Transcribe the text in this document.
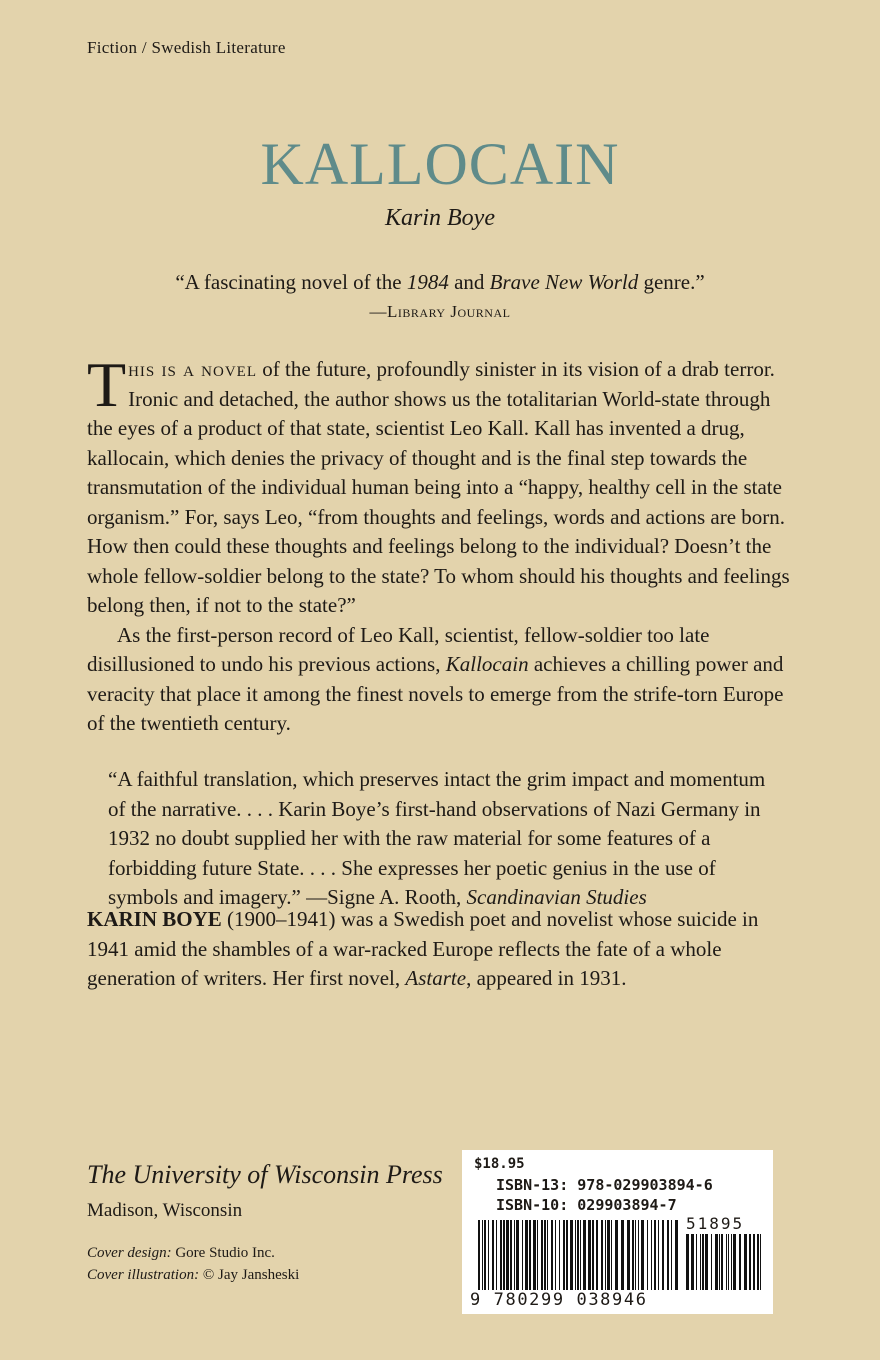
Fiction / Swedish Literature
KALLOCAIN
Karin Boye
“A fascinating novel of the 1984 and Brave New World genre.”
—Library Journal

This is a novel of the future, profoundly sinister in its vision of a drab terror. Ironic and detached, the author shows us the totalitarian World-state through the eyes of a product of that state, scientist Leo Kall. Kall has invented a drug, kallocain, which denies the privacy of thought and is the final step towards the transmutation of the individual human being into a “happy, healthy cell in the state organism.” For, says Leo, “from thoughts and feelings, words and actions are born. How then could these thoughts and feelings belong to the individual? Doesn’t the whole fellow-soldier belong to the state? To whom should his thoughts and feelings belong then, if not to the state?”

As the first-person record of Leo Kall, scientist, fellow-soldier too late disillusioned to undo his previous actions, Kallocain achieves a chilling power and veracity that place it among the finest novels to emerge from the strife-torn Europe of the twentieth century.

“A faithful translation, which preserves intact the grim impact and momentum of the narrative. . . . Karin Boye’s first-hand observations of Nazi Germany in 1932 no doubt supplied her with the raw material for some features of a forbidding future State. . . . She expresses her poetic genius in the use of symbols and imagery.” —Signe A. Rooth, Scandinavian Studies
KARIN BOYE (1900–1941) was a Swedish poet and novelist whose suicide in 1941 amid the shambles of a war-racked Europe reflects the fate of a whole generation of writers. Her first novel, Astarte, appeared in 1931.
The University of Wisconsin Press
Madison, Wisconsin
Cover design: Gore Studio Inc.
Cover illustration: © Jay Jansheski
$18.95
ISBN-13: 978-029903894-6
ISBN-10: 029903894-7
51895
9 780299 038946
